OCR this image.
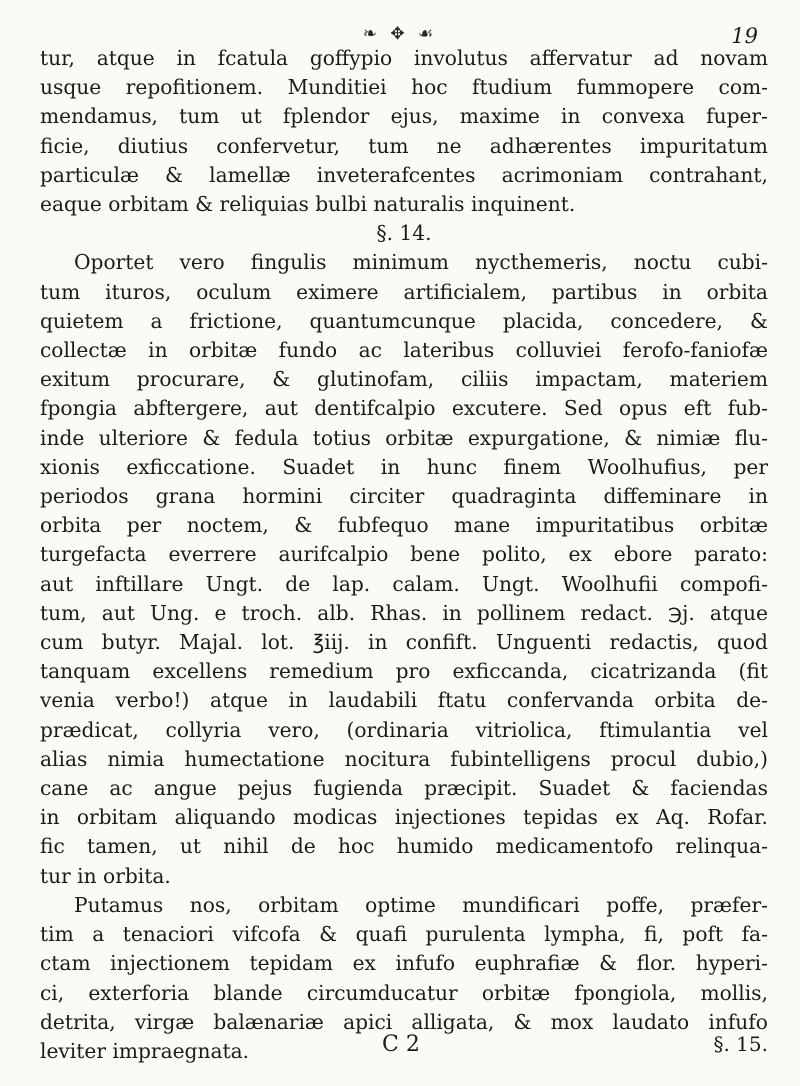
❧ ✥ ☙	19
tur, atque in fcatula goffypio involutus affervatur ad novam
usque repofitionem. Munditiei hoc ftudium fummopere com-
mendamus, tum ut fplendor ejus, maxime in convexa fuper-
ficie, diutius confervetur, tum ne adhærentes impuritatum
particulæ & lamellæ inveterafcentes acrimoniam contrahant,
eaque orbitam & reliquias bulbi naturalis inquinent.
§. 14.
Oportet vero fingulis minimum nycthemeris, noctu cubi-
tum ituros, oculum eximere artificialem, partibus in orbita
quietem a frictione, quantumcunque placida, concedere, &
collectæ in orbitæ fundo ac lateribus colluviei ferofo-faniofæ
exitum procurare, & glutinofam, ciliis impactam, materiem
fpongia abftergere, aut dentifcalpio excutere. Sed opus eft fub-
inde ulteriore & fedula totius orbitæ expurgatione, & nimiæ flu-
xionis exficcatione. Suadet in hunc finem Woolhufius, per
periodos grana hormini circiter quadraginta diffeminare in
orbita per noctem, & fubfequo mane impuritatibus orbitæ
turgefacta everrere aurifcalpio bene polito, ex ebore parato:
aut inftillare Ungt. de lap. calam. Ungt. Woolhufii compofi-
tum, aut Ung. e troch. alb. Rhas. in pollinem redact. ℈j. atque
cum butyr. Majal. lot. ℥iij. in confift. Unguenti redactis, quod
tanquam excellens remedium pro exficcanda, cicatrizanda (fit
venia verbo!) atque in laudabili ftatu confervanda orbita de-
prædicat, collyria vero, (ordinaria vitriolica, ftimulantia vel
alias nimia humectatione nocitura fubintelligens procul dubio,)
cane ac angue pejus fugienda præcipit. Suadet & faciendas
in orbitam aliquando modicas injectiones tepidas ex Aq. Rofar.
fic tamen, ut nihil de hoc humido medicamentofo relinqua-
tur in orbita.
Putamus nos, orbitam optime mundificari poffe, præfer-
tim a tenaciori vifcofa & quafi purulenta lympha, fi, poft fa-
ctam injectionem tepidam ex infufo euphrafiæ & flor. hyperi-
ci, exterforia blande circumducatur orbitæ fpongiola, mollis,
detrita, virgæ balænariæ apici alligata, & mox laudato infufo
leviter impraegnata.	C 2	§. 15.
